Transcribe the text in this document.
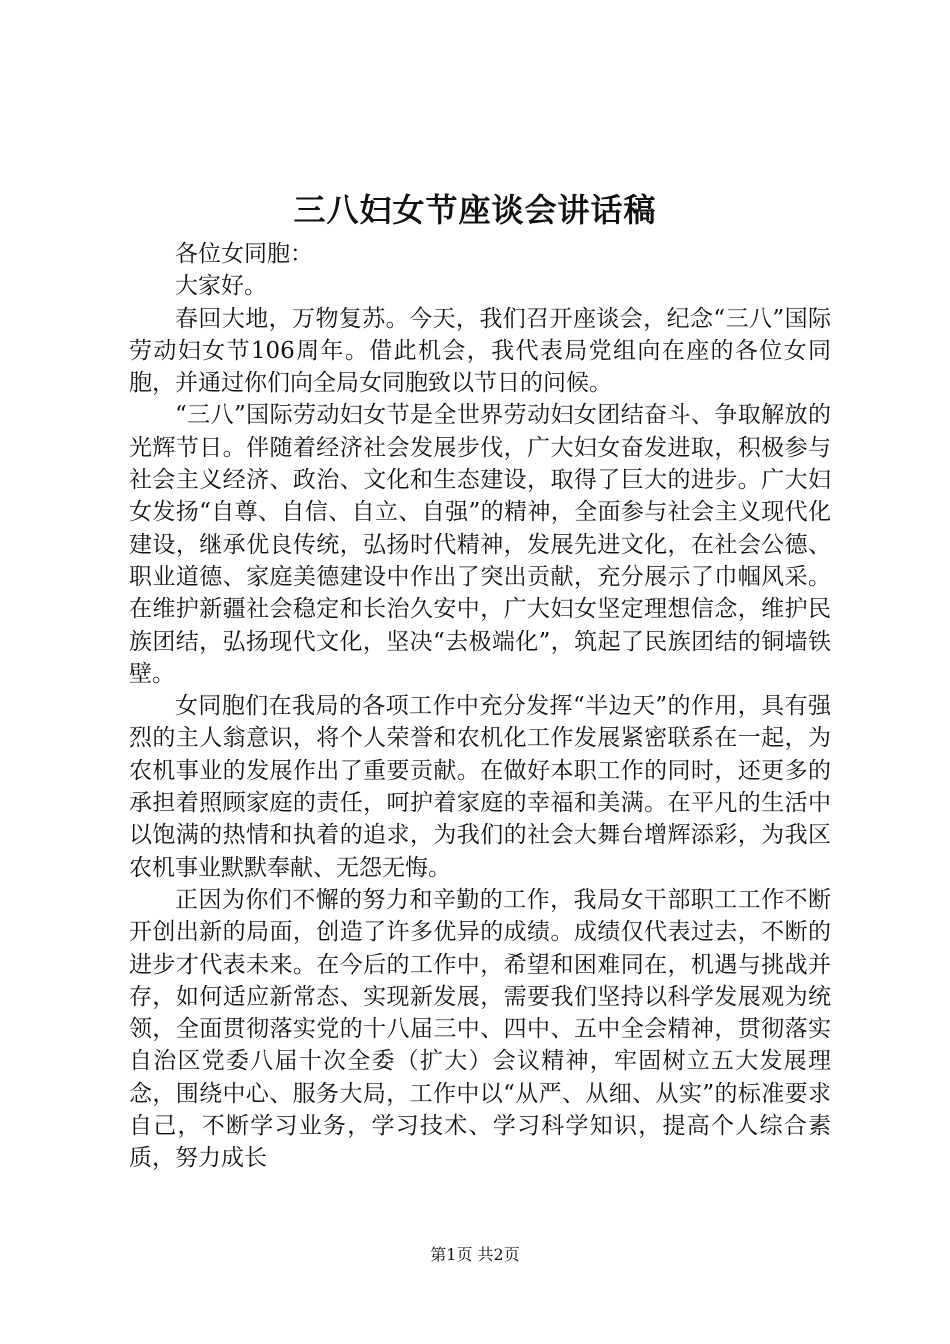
三八妇女节座谈会讲话稿

各位女同胞：

大家好。

春回大地，万物复苏。今天，我们召开座谈会，纪念“三八”国际劳动妇女节106周年。借此机会，我代表局党组向在座的各位女同胞，并通过你们向全局女同胞致以节日的问候。

“三八”国际劳动妇女节是全世界劳动妇女团结奋斗、争取解放的光辉节日。伴随着经济社会发展步伐，广大妇女奋发进取，积极参与社会主义经济、政治、文化和生态建设，取得了巨大的进步。广大妇女发扬“自尊、自信、自立、自强”的精神，全面参与社会主义现代化建设，继承优良传统，弘扬时代精神，发展先进文化，在社会公德、职业道德、家庭美德建设中作出了突出贡献，充分展示了巾帼风采。在维护新疆社会稳定和长治久安中，广大妇女坚定理想信念，维护民族团结，弘扬现代文化，坚决“去极端化”，筑起了民族团结的铜墙铁壁。

女同胞们在我局的各项工作中充分发挥“半边天”的作用，具有强烈的主人翁意识，将个人荣誉和农机化工作发展紧密联系在一起，为农机事业的发展作出了重要贡献。在做好本职工作的同时，还更多的承担着照顾家庭的责任，呵护着家庭的幸福和美满。在平凡的生活中以饱满的热情和执着的追求，为我们的社会大舞台增辉添彩，为我区农机事业默默奉献、无怨无悔。

正因为你们不懈的努力和辛勤的工作，我局女干部职工工作不断开创出新的局面，创造了许多优异的成绩。成绩仅代表过去，不断的进步才代表未来。在今后的工作中，希望和困难同在，机遇与挑战并存，如何适应新常态、实现新发展，需要我们坚持以科学发展观为统领，全面贯彻落实党的十八届三中、四中、五中全会精神，贯彻落实自治区党委八届十次全委（扩大）会议精神，牢固树立五大发展理念，围绕中心、服务大局，工作中以“从严、从细、从实”的标准要求自己，不断学习业务，学习技术、学习科学知识，提高个人综合素质，努力成长

第1页 共2页
